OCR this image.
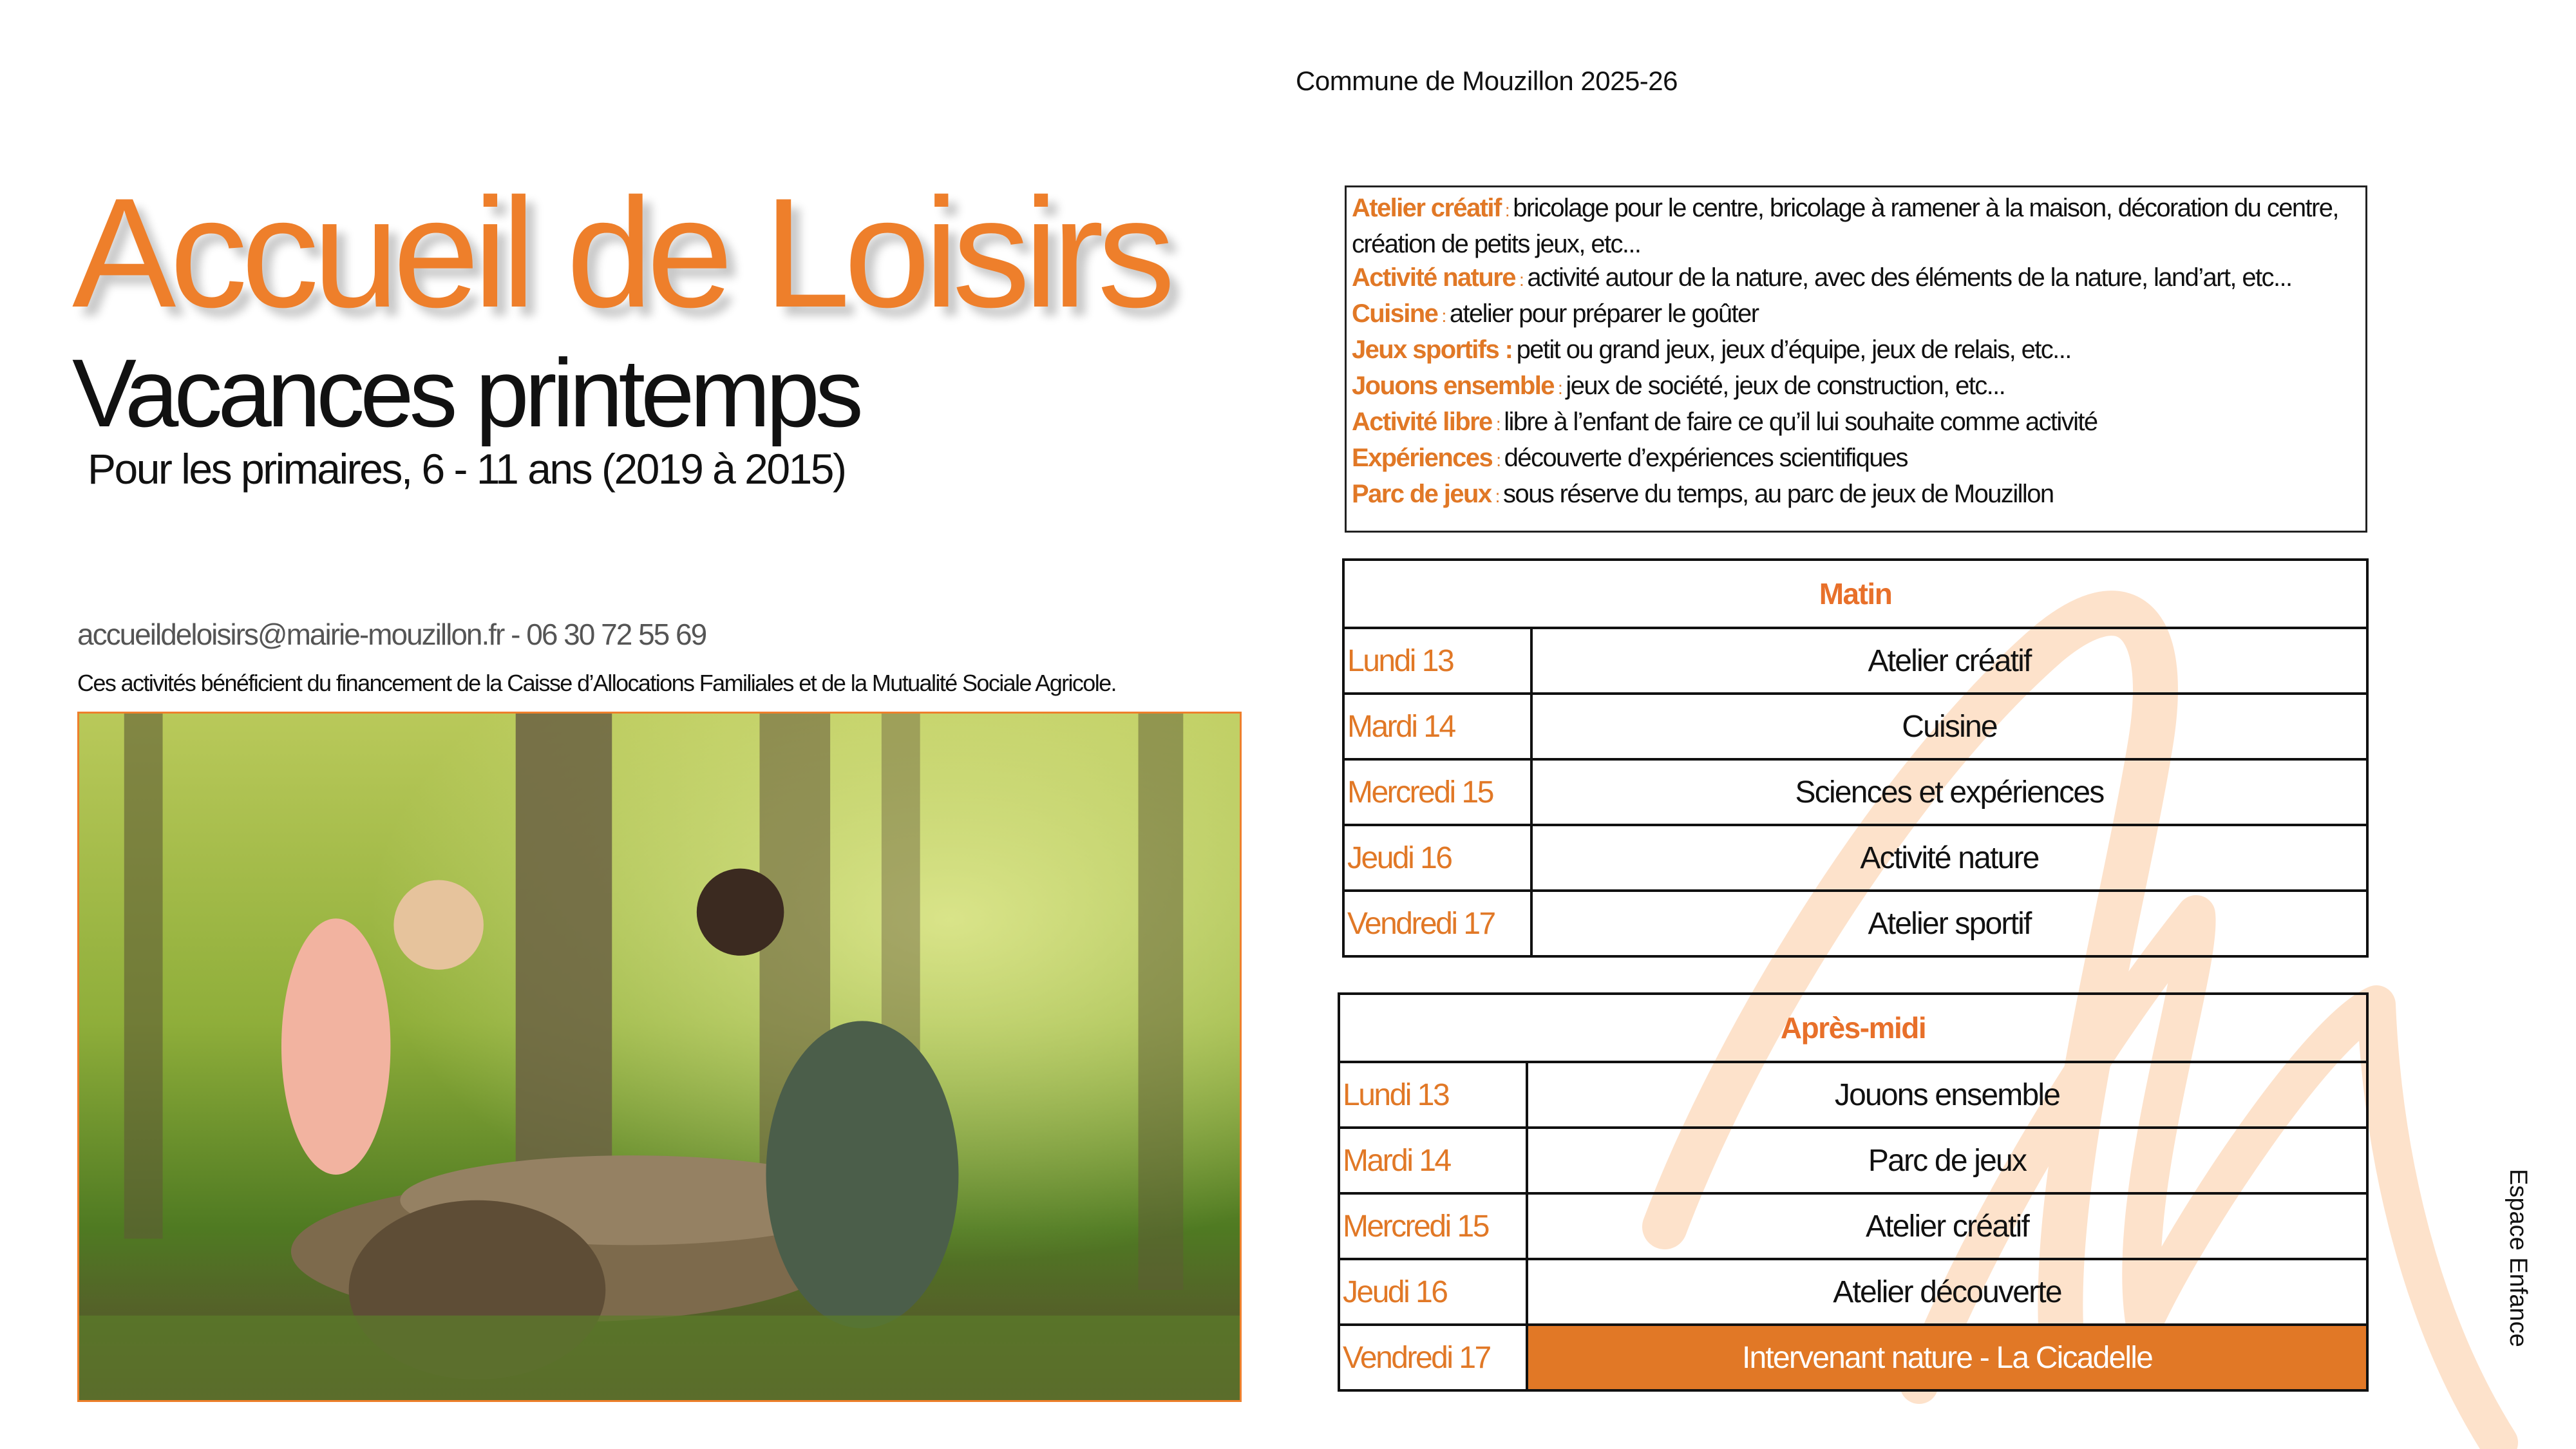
Commune de Mouzillon 2025-26
Accueil de Loisirs
Vacances printemps
Pour les primaires, 6 - 11 ans (2019 à 2015)
accueildeloisirs@mairie-mouzillon.fr - 06 30 72 55 69
Ces activités bénéficient du financement de la Caisse d’Allocations Familiales et de la Mutualité Sociale Agricole.
Atelier créatif : bricolage pour le centre, bricolage à ramener à la maison, décoration du centre, création de petits jeux, etc...
Activité nature : activité autour de la nature, avec des éléments de la nature, land’art, etc...
Cuisine : atelier pour préparer le goûter
Jeux sportifs : petit ou grand jeux, jeux d’équipe, jeux de relais, etc...
Jouons ensemble : jeux de société, jeux de construction, etc...
Activité libre : libre à l’enfant de faire ce qu’il lui souhaite comme activité
Expériences : découverte d’expériences scientifiques
Parc de jeux : sous réserve du temps, au parc de jeux de Mouzillon
Matin	
Lundi 13	Atelier créatif
Mardi 14	Cuisine
Mercredi 15	Sciences et expériences
Jeudi 16	Activité nature
Vendredi 17	Atelier sportif
Après-midi	
Lundi 13	Jouons ensemble
Mardi 14	Parc de jeux
Mercredi 15	Atelier créatif
Jeudi 16	Atelier découverte
Vendredi 17	Intervenant nature - La Cicadelle
Espace Enfance
